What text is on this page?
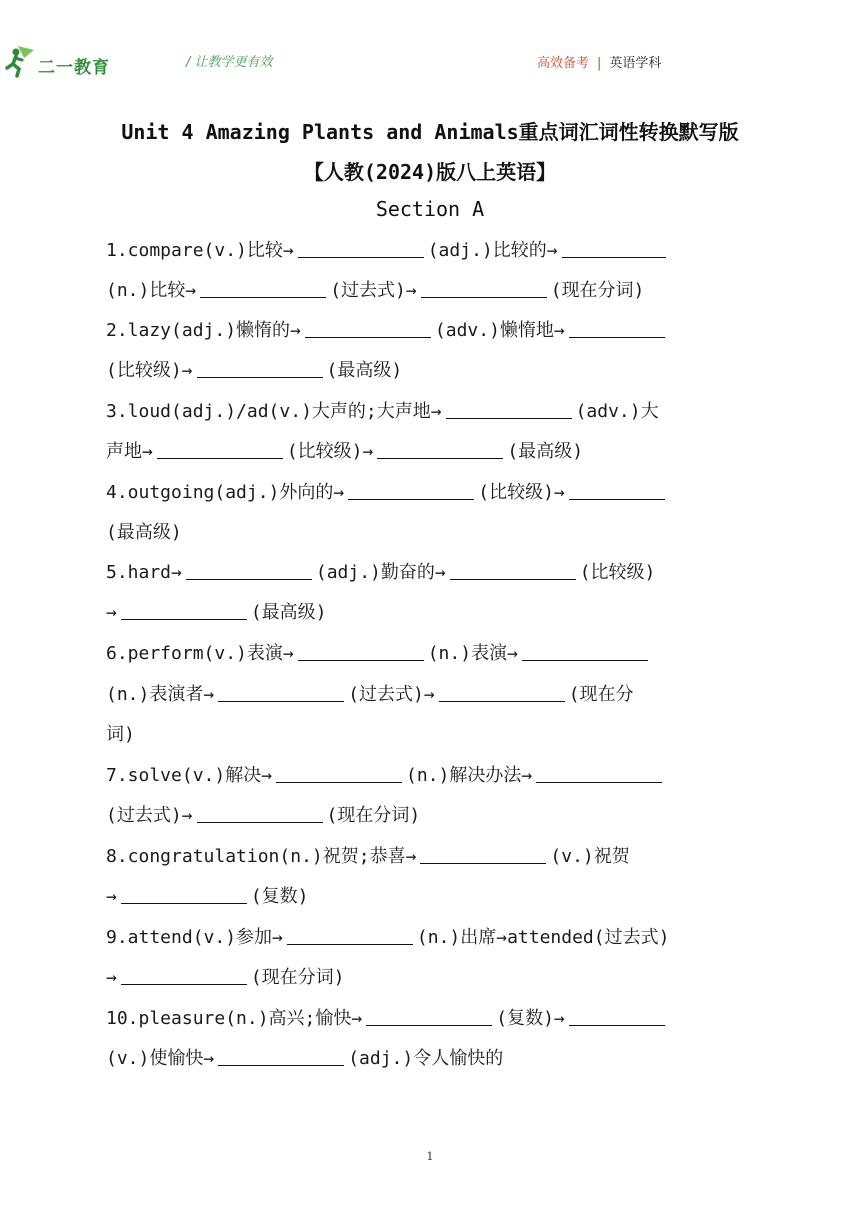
二一教育	/ 让教学更有效	高效备考 | 英语学科
Unit 4 Amazing Plants and Animals重点词汇词性转换默写版
【人教(2024)版八上英语】
Section A
1.compare(v.)比较→	(adj.)比较的→
(n.)比较→	(过去式)→	(现在分词)
2.lazy(adj.)懒惰的→	(adv.)懒惰地→
(比较级)→	(最高级)
3.loud(adj.)/ad(v.)大声的;大声地→	(adv.)大
声地→	(比较级)→	(最高级)
4.outgoing(adj.)外向的→	(比较级)→
(最高级)
5.hard→	(adj.)勤奋的→	(比较级)
→	(最高级)
6.perform(v.)表演→	(n.)表演→
(n.)表演者→	(过去式)→	(现在分
词)
7.solve(v.)解决→	(n.)解决办法→
(过去式)→	(现在分词)
8.congratulation(n.)祝贺;恭喜→	(v.)祝贺
→	(复数)
9.attend(v.)参加→	(n.)出席→attended(过去式)
→	(现在分词)
10.pleasure(n.)高兴;愉快→	(复数)→
(v.)使愉快→	(adj.)令人愉快的
1
